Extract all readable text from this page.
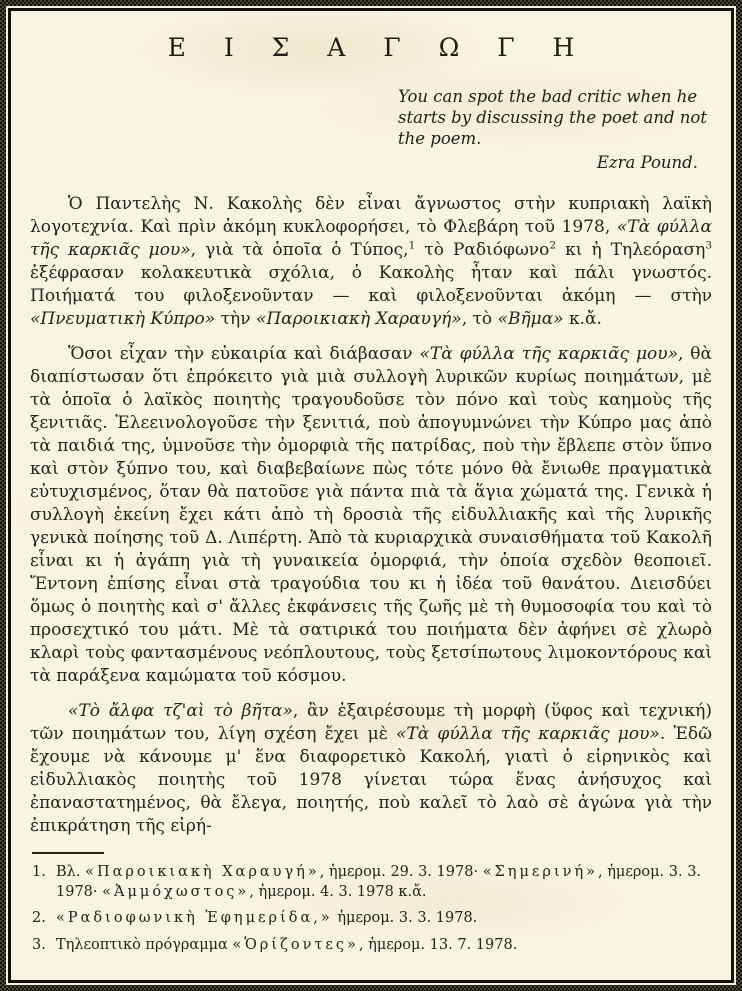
Ε Ι Σ Α Γ Ω Γ Η
You can spot the bad critic when he
starts by discussing the poet and not
the poem.
Ezra Pound.

Ὁ Παντελὴς Ν. Κακολὴς δὲν εἶναι ἄγνωστος στὴν κυπριακὴ λαϊκὴ λογοτεχνία. Καὶ πρὶν ἀκόμη κυκλοφορήσει, τὸ Φλεβάρη τοῦ 1978, «Τὰ φύλλα τῆς καρκιᾶς μου», γιὰ τὰ ὁποῖα ὁ Τύπος,$^1$ τὸ Ραδιόφωνο$^2$ κι ἡ Τηλεόραση$^3$ ἐξέφρασαν κολακευτικὰ σχόλια, ὁ Κακολὴς ἦταν καὶ πάλι γνωστός. Ποιήματά του φιλοξενοῦνταν — καὶ φιλοξενοῦνται ἀκόμη — στὴν «Πνευματικὴ Κύπρο» τὴν «Παροικιακὴ Χαραυγή», τὸ «Βῆμα» κ.ἄ.

Ὅσοι εἶχαν τὴν εὐκαιρία καὶ διάβασαν «Τὰ φύλλα τῆς καρκιᾶς μου», θὰ διαπίστωσαν ὅτι ἐπρόκειτο γιὰ μιὰ συλλογὴ λυρικῶν κυρίως ποιημάτων, μὲ τὰ ὁποῖα ὁ λαϊκὸς ποιητὴς τραγουδοῦσε τὸν πόνο καὶ τοὺς καημοὺς τῆς ξενιτιᾶς. Ἐλεεινολογοῦσε τὴν ξενιτιά, ποὺ ἀπογυμνώνει τὴν Κύπρο μας ἀπὸ τὰ παιδιά της, ὑμνοῦσε τὴν ὀμορφιὰ τῆς πατρίδας, ποὺ τὴν ἔβλεπε στὸν ὕπνο καὶ στὸν ξύπνο του, καὶ διαβεβαίωνε πὼς τότε μόνο θὰ ἔνιωθε πραγματικὰ εὐτυχισμένος, ὅταν θὰ πατοῦσε γιὰ πάντα πιὰ τὰ ἅγια χώματά της. Γενικὰ ἡ συλλογὴ ἐκείνη ἔχει κάτι ἀπὸ τὴ δροσιὰ τῆς εἰδυλλιακῆς καὶ τῆς λυρικῆς γενικὰ ποίησης τοῦ Δ. Λιπέρτη. Ἀπὸ τὰ κυριαρχικὰ συναισθήματα τοῦ Κακολῆ εἶναι κι ἡ ἀγάπη γιὰ τὴ γυναικεία ὀμορφιά, τὴν ὁποία σχεδὸν θεοποιεῖ. Ἔντονη ἐπίσης εἶναι στὰ τραγούδια του κι ἡ ἰδέα τοῦ θανάτου. Διεισδύει ὅμως ὁ ποιητὴς καὶ σ' ἄλλες ἐκφάνσεις τῆς ζωῆς μὲ τὴ θυμοσοφία του καὶ τὸ προσεχτικό του μάτι. Μὲ τὰ σατιρικά του ποιήματα δὲν ἀφήνει σὲ χλωρὸ κλαρὶ τοὺς φαντασμένους νεόπλουτους, τοὺς ξετσίπωτους λιμοκοντόρους καὶ τὰ παράξενα καμώματα τοῦ κόσμου.

«Τὸ ἄλφα τζ'αὶ τὸ βῆτα», ἂν ἐξαιρέσουμε τὴ μορφὴ (ὕφος καὶ τεχνική) τῶν ποιημάτων του, λίγη σχέση ἔχει μὲ «Τὰ φύλλα τῆς καρκιᾶς μου». Ἐδῶ ἔχουμε νὰ κάνουμε μ' ἕνα διαφορετικὸ Κακολή, γιατὶ ὁ εἰρηνικὸς καὶ εἰδυλλιακὸς ποιητὴς τοῦ 1978 γίνεται τώρα ἕνας ἀνήσυχος καὶ ἐπαναστατημένος, θὰ ἔλεγα, ποιητής, ποὺ καλεῖ τὸ λαὸ σὲ ἀγώνα γιὰ τὴν ἐπικράτηση τῆς εἰρή-

1. Βλ. «Παροικιακὴ Χαραυγή», ἡμερομ. 29. 3. 1978· «Σημερινή», ἡμερομ. 3. 3. 1978· «Ἀμμόχωστος», ἡμερομ. 4. 3. 1978 κ.ἄ.
2. «Ραδιοφωνικὴ Ἐφημερίδα,» ἡμερομ. 3. 3. 1978.
3. Τηλεοπτικὸ πρόγραμμα «Ὁρίζοντες», ἡμερομ. 13. 7. 1978.
